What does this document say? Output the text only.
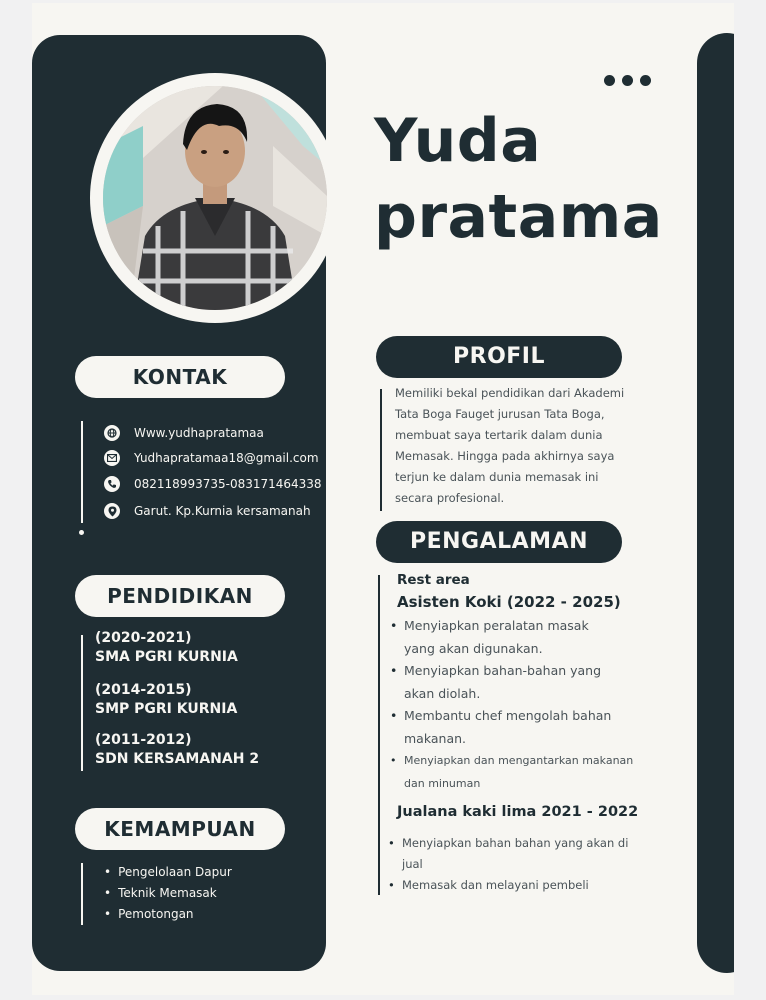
Yuda
pratama
KONTAK
Www.yudhapratamaa
Yudhapratamaa18@gmail.com
082118993735-083171464338
Garut. Kp.Kurnia kersamanah
PENDIDIKAN
(2020-2021)
SMA PGRI KURNIA
(2014-2015)
SMP PGRI KURNIA
(2011-2012)
SDN KERSAMANAH 2
KEMAMPUAN
• Pengelolaan Dapur
• Teknik Memasak
• Pemotongan
PROFIL
Memiliki bekal pendidikan dari Akademi
Tata Boga Fauget jurusan Tata Boga,
membuat saya tertarik dalam dunia
Memasak. Hingga pada akhirnya saya
terjun ke dalam dunia memasak ini
secara profesional.
PENGALAMAN
Rest area
Asisten Koki (2022 - 2025)
• Menyiapkan peralatan masak
yang akan digunakan.
• Menyiapkan bahan-bahan yang
akan diolah.
• Membantu chef mengolah bahan
makanan.
• Menyiapkan dan mengantarkan makanan
dan minuman
Jualana kaki lima 2021 - 2022
• Menyiapkan bahan bahan yang akan di
jual
• Memasak dan melayani pembeli
